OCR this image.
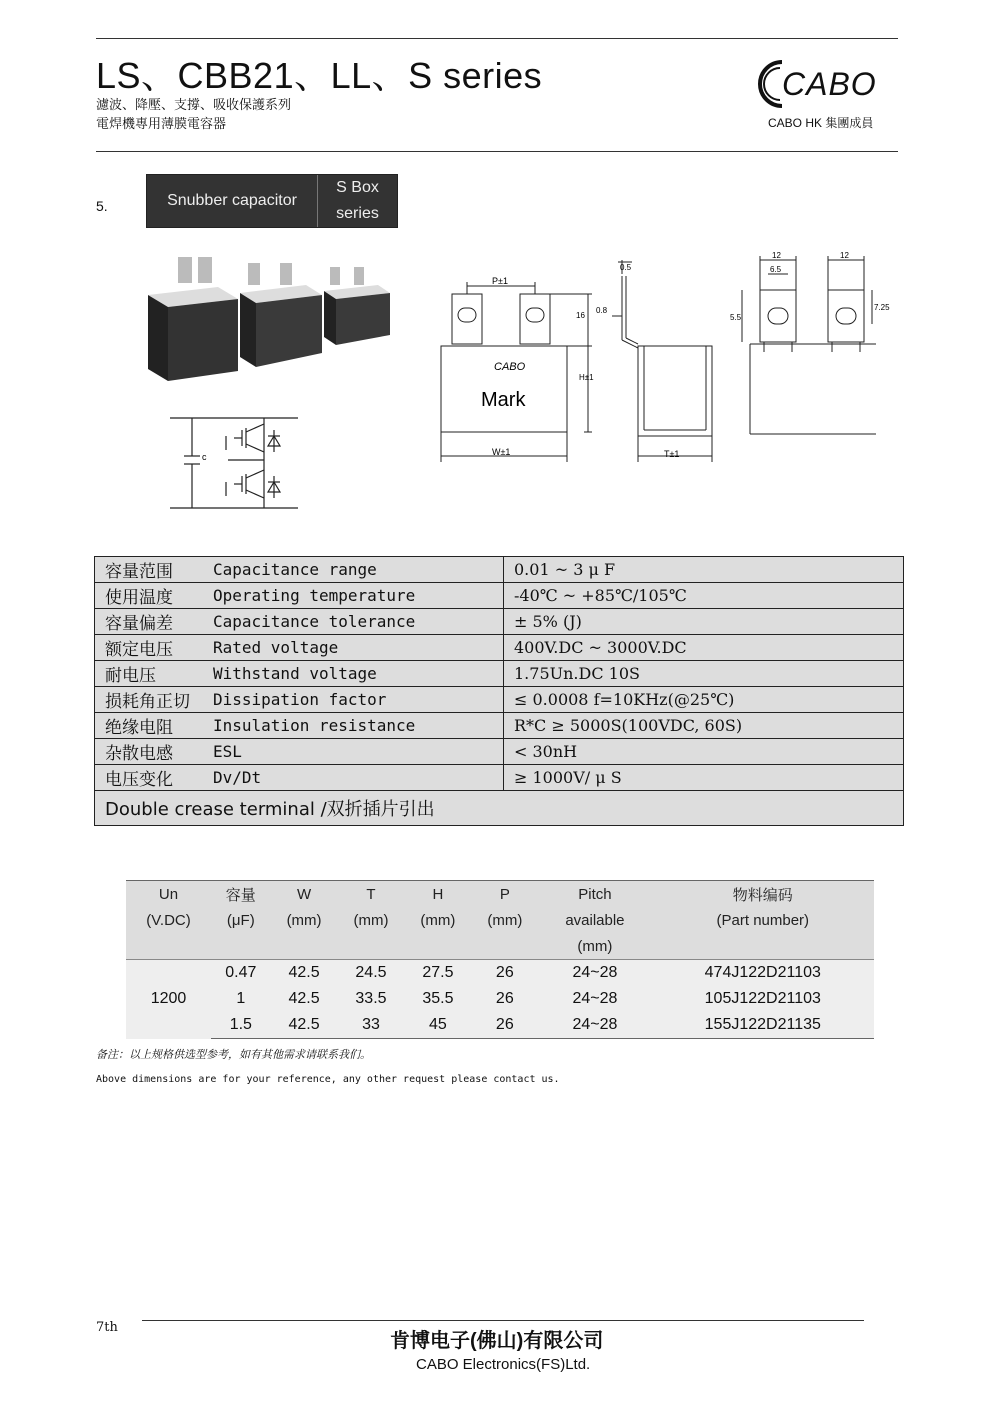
LS、CBB21、LL、S series
濾波、降壓、支撐、吸收保護系列
電焊機專用薄膜電容器
CABO
CABO HK 集團成員
5.	Snubber capacitor
S Box
series
c
P±1
W±1
16
H±1
CABO
Mark
0.5
0.8
T±1
12
6.5
12
5.5
7.25
容量范围	Capacitance range	0.01 ~ 3 μ F
使用温度	Operating temperature	-40℃ ~ +85℃/105℃
容量偏差	Capacitance tolerance	± 5% (J)
额定电压	Rated voltage	400V.DC ~ 3000V.DC
耐电压	Withstand voltage	1.75Un.DC 10S
损耗角正切	Dissipation factor	≤ 0.0008 f=10KHz(@25℃)
绝缘电阻	Insulation resistance	R*C ≥ 5000S(100VDC, 60S)
杂散电感	ESL	< 30nH
电压变化	Dv/Dt	≥ 1000V/ μ S
Double crease terminal /双折插片引出		
Un	容量	W	T	H	P	Pitch	物料编码
(V.DC)	(μF)	(mm)	(mm)	(mm)	(mm)	available	(Part number)
						(mm)	
1200	0.47	42.5	24.5	27.5	26	24~28	474J122D21103
	1	42.5	33.5	35.5	26	24~28	105J122D21103
	1.5	42.5	33	45	26	24~28	155J122D21135
备注：以上规格供选型参考，如有其他需求请联系我们。
Above dimensions are for your reference, any other request please contact us.
7th
肯博电子(佛山)有限公司
CABO Electronics(FS)Ltd.
